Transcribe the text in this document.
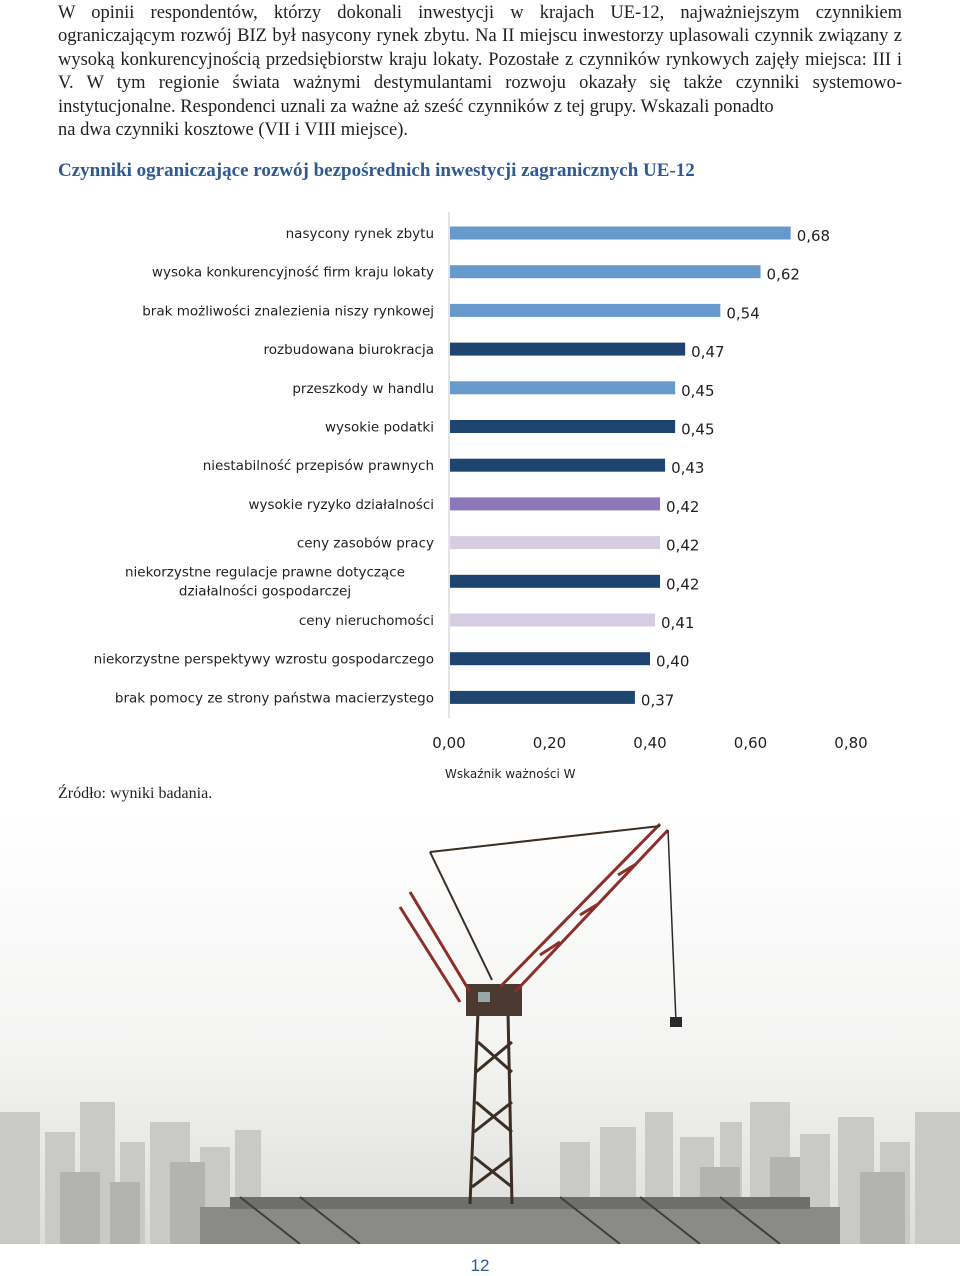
W opinii respondentów, którzy dokonali inwestycji w krajach UE-12, najważniejszym czynnikiem ograniczającym rozwój BIZ był nasycony rynek zbytu. Na II miejscu inwestorzy uplasowali czynnik związany z wysoką konkurencyjnością przedsiębiorstw kraju lokaty. Pozostałe z czynników rynkowych zajęły miejsca: III i V. W tym regionie świata ważnymi destymulantami rozwoju okazały się także czynniki systemowo-instytucjonalne. Respondenci uznali za ważne aż sześć czynników z tej grupy. Wskazali ponadto
na dwa czynniki kosztowe (VII i VIII miejsce).

Czynniki ograniczające rozwój bezpośrednich inwestycji zagranicznych UE-12
nasycony rynek zbytu
wysoka konkurencyjność firm kraju lokaty
brak możliwości znalezienia niszy rynkowej
rozbudowana biurokracja
przeszkody w handlu
wysokie podatki
niestabilność przepisów prawnych
wysokie ryzyko działalności
ceny zasobów pracy
niekorzystne regulacje prawne dotyczące działalności gospodarczej
ceny nieruchomości
niekorzystne perspektywy wzrostu gospodarczego
brak pomocy ze strony państwa macierzystego
0,68
0,62
0,54
0,47
0,45
0,45
0,43
0,42
0,42
0,42
0,41
0,40
0,37
0,00	0,20	0,40	0,60	0,80
Wskaźnik ważności W

Źródło: wyniki badania.

12
